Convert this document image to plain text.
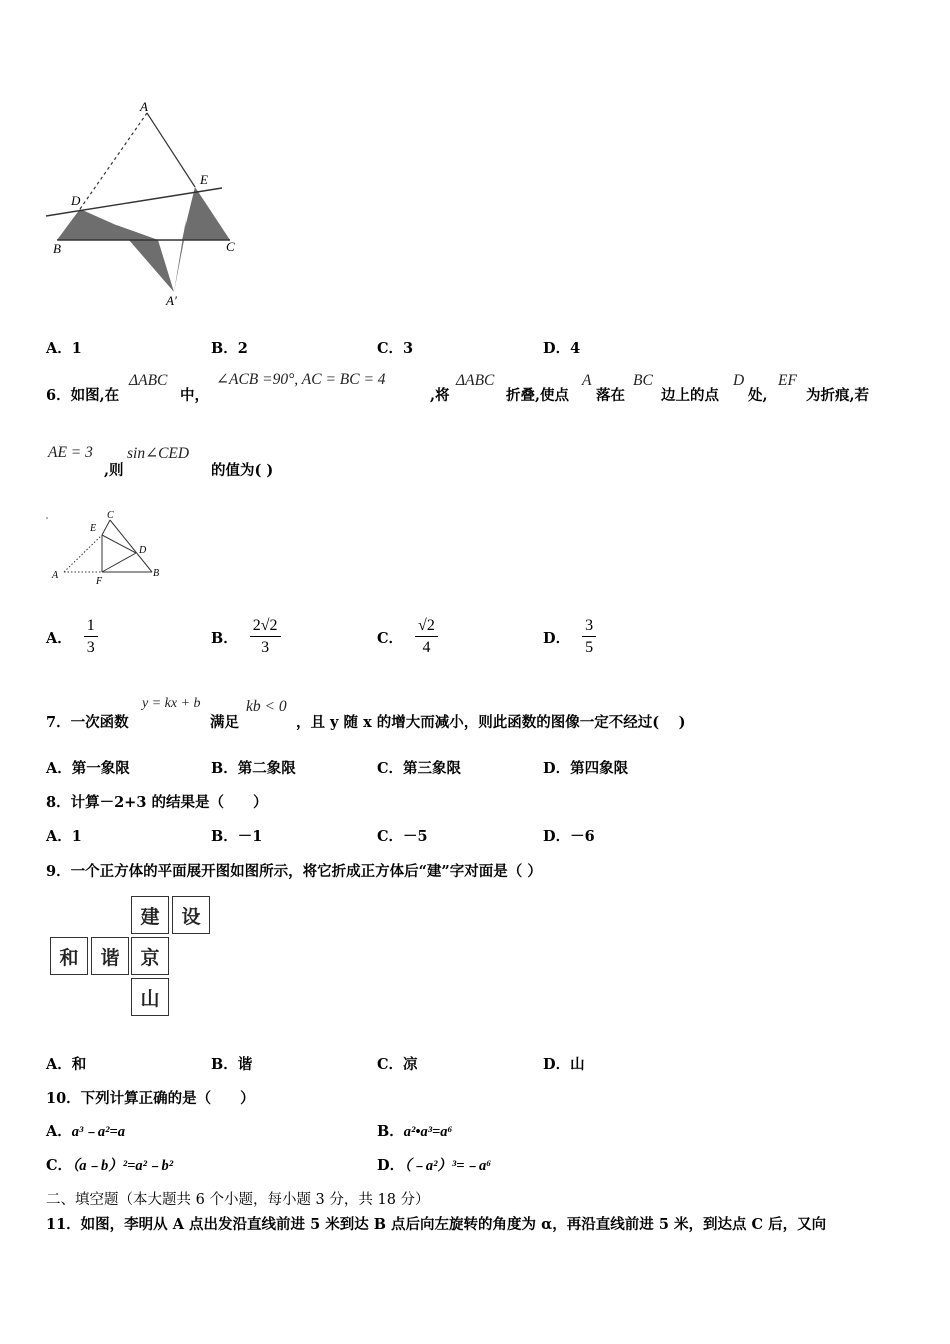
A
D
E
B	C
A′
A．1	B．2	C．3	D．4
6．如图,在
ΔABC
中，
∠ACB =90°, AC = BC = 4
,将
ΔABC
折叠,使点
A
落在
BC
边上的点
D
处,
EF
为折痕,若
AE = 3
,则
sin∠CED
的值为( )
C
E
D
A
F
B
A． $\frac{1}{3}$	B． $\frac{2√2}{3}$	C． $\frac{√2}{4}$	D． $\frac{3}{5}$
7．一次函数
y = kx + b
满足
kb < 0
，且 y 随 x 的增大而减小，则此函数的图像一定不经过(　 )
A．第一象限	B．第二象限	C．第三象限	D．第四象限
8．计算－2+3 的结果是（　　）
A．1	B．－1	C．－5	D．－6
9．一个正方体的平面展开图如图所示，将它折成正方体后“建”字对面是（ ）
建	设
和	谐	京
山
A．和	B．谐	C．凉	D．山
10．下列计算正确的是（　　）
A．a³﹣a²=a	B．a²•a³=a⁶
C．（a﹣b）²=a²﹣b²	D．（﹣a²）³=﹣a⁶
二、填空题（本大题共 6 个小题，每小题 3 分，共 18 分）
11．如图，李明从 A 点出发沿直线前进 5 米到达 B 点后向左旋转的角度为 α，再沿直线前进 5 米，到达点 C 后，又向
